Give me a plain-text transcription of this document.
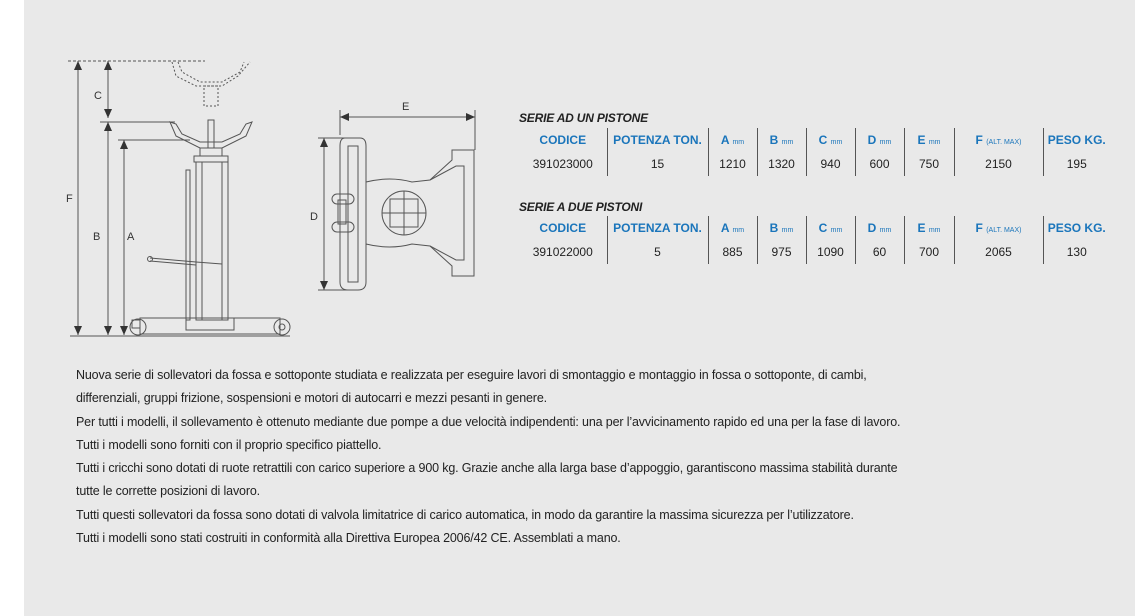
C
F
B A
E
D
SERIE AD UN PISTONE
CODICE	POTENZA TON.	A mm	B mm	C mm	D mm	E mm	F (ALT. MAX)	PESO KG.
391023000	15	1210	1320	940	600	750	2150	195
SERIE A DUE PISTONI
CODICE	POTENZA TON.	A mm	B mm	C mm	D mm	E mm	F (ALT. MAX)	PESO KG.
391022000	5	885	975	1090	60	700	2065	130

Nuova serie di sollevatori da fossa e sottoponte studiata e realizzata per eseguire lavori di smontaggio e montaggio in fossa o sottoponte, di cambi,

differenziali, gruppi frizione, sospensioni e motori di autocarri e mezzi pesanti in genere.

Per tutti i modelli, il sollevamento è ottenuto mediante due pompe a due velocità indipendenti: una per l’avvicinamento rapido ed una per la fase di lavoro.

Tutti i modelli sono forniti con il proprio specifico piattello.

Tutti i cricchi sono dotati di ruote retrattili con carico superiore a 900 kg. Grazie anche alla larga base d’appoggio, garantiscono massima stabilità durante

tutte le corrette posizioni di lavoro.

Tutti questi sollevatori da fossa sono dotati di valvola limitatrice di carico automatica, in modo da garantire la massima sicurezza per l’utilizzatore.

Tutti i modelli sono stati costruiti in conformità alla Direttiva Europea 2006/42 CE. Assemblati a mano.
